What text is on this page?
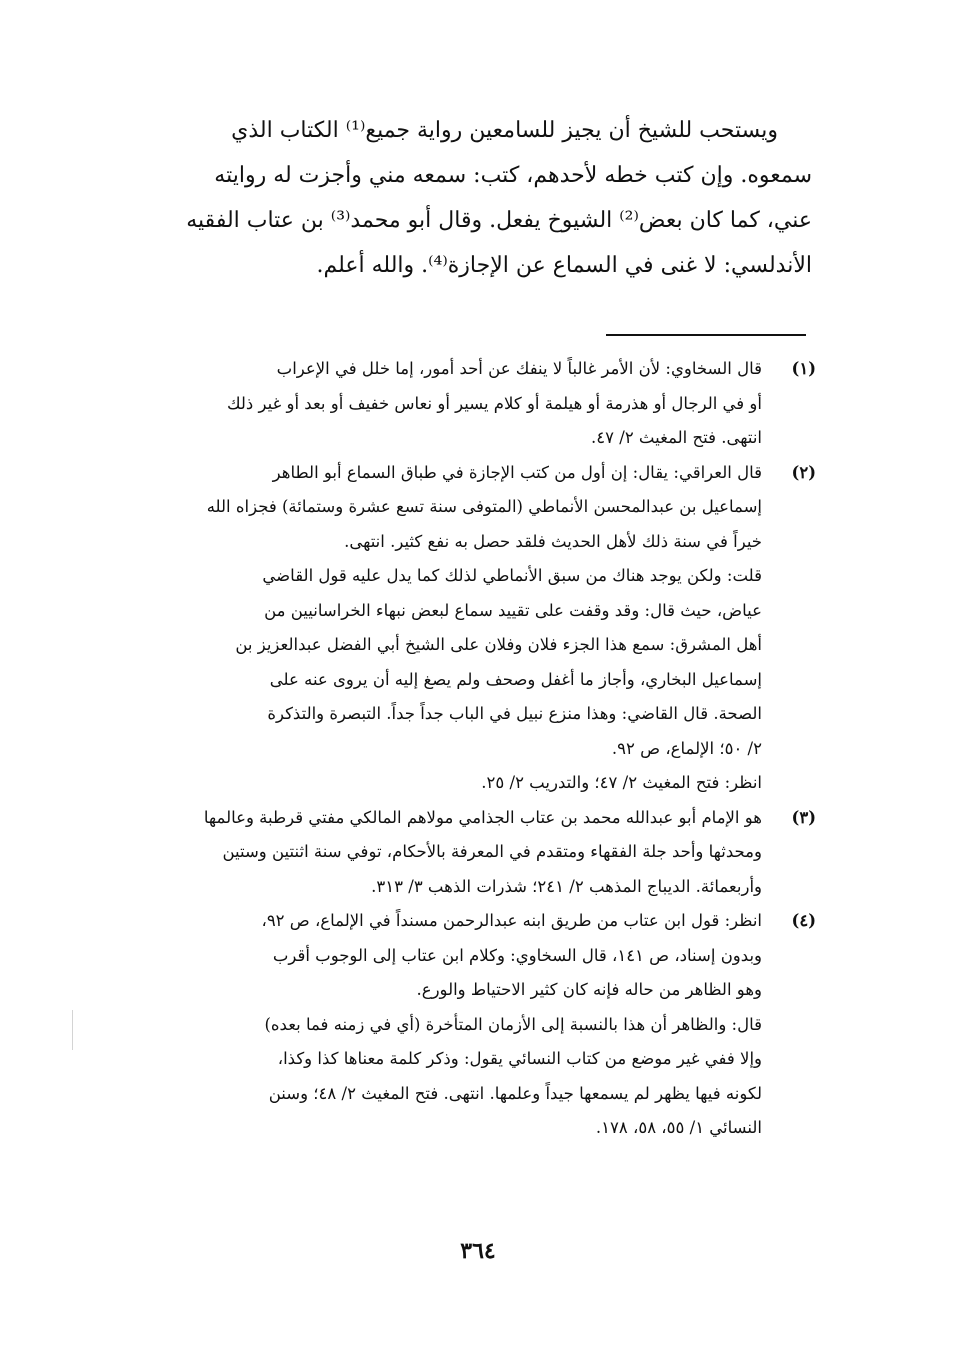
ويستحب للشيخ أن يجيز للسامعين رواية جميع⁽¹⁾ الكتاب الذي
سمعوه. وإن كتب خطه لأحدهم، كتب: سمعه مني وأجزت له روايته
عني، كما كان بعض⁽²⁾ الشيوخ يفعل. وقال أبو محمد⁽³⁾ بن عتاب الفقيه
الأندلسي: لا غنى في السماع عن الإجازة⁽⁴⁾. والله أعلم.

(١)
قال السخاوي: لأن الأمر غالباً لا ينفك عن أحد أمور، إما خلل في الإعراب
أو في الرجال أو هذرمة أو هيلمة أو كلام يسير أو نعاس خفيف أو بعد أو غير ذلك
انتهى. فتح المغيث ٢/ ٤٧.
(٢)
قال العراقي: يقال: إن أول من كتب الإجازة في طباق السماع أبو الطاهر
إسماعيل بن عبدالمحسن الأنماطي (المتوفى سنة تسع عشرة وستمائة) فجزاه الله
خيراً في سنة ذلك لأهل الحديث فلقد حصل به نفع كثير. انتهى.
قلت: ولكن يوجد هناك من سبق الأنماطي لذلك كما يدل عليه قول القاضي
عياض، حيث قال: وقد وقفت على تقييد سماع لبعض نبهاء الخراسانيين من
أهل المشرق: سمع هذا الجزء فلان وفلان على الشيخ أبي الفضل عبدالعزيز بن
إسماعيل البخاري، وأجاز ما أغفل وصحف ولم يصغ إليه أن يروى عنه على
الصحة. قال القاضي: وهذا منزع نبيل في الباب جداً جداً. التبصرة والتذكرة
٢/ ٥٠؛ الإلماع، ص ٩٢.
انظر: فتح المغيث ٢/ ٤٧؛ والتدريب ٢/ ٢٥.
(٣)
هو الإمام أبو عبدالله محمد بن عتاب الجذامي مولاهم المالكي مفتي قرطبة وعالمها
ومحدثها وأحد جلة الفقهاء ومتقدم في المعرفة بالأحكام، توفي سنة اثنتين وستين
وأربعمائة. الديباج المذهب ٢/ ٢٤١؛ شذرات الذهب ٣/ ٣١٣.
(٤)
انظر: قول ابن عتاب من طريق ابنه عبدالرحمن مسنداً في الإلماع، ص ٩٢،
وبدون إسناد، ص ١٤١، قال السخاوي: وكلام ابن عتاب إلى الوجوب أقرب
وهو الظاهر من حاله فإنه كان كثير الاحتياط والورع.
قال: والظاهر أن هذا بالنسبة إلى الأزمان المتأخرة (أي في زمنه فما بعده)
وإلا ففي غير موضع من كتاب النسائي يقول: وذكر كلمة معناها كذا وكذا،
لكونه فيها يظهر لم يسمعها جيداً وعلمها. انتهى. فتح المغيث ٢/ ٤٨؛ وسنن
النسائي ١/ ٥٥، ٥٨، ١٧٨.
٣٦٤
